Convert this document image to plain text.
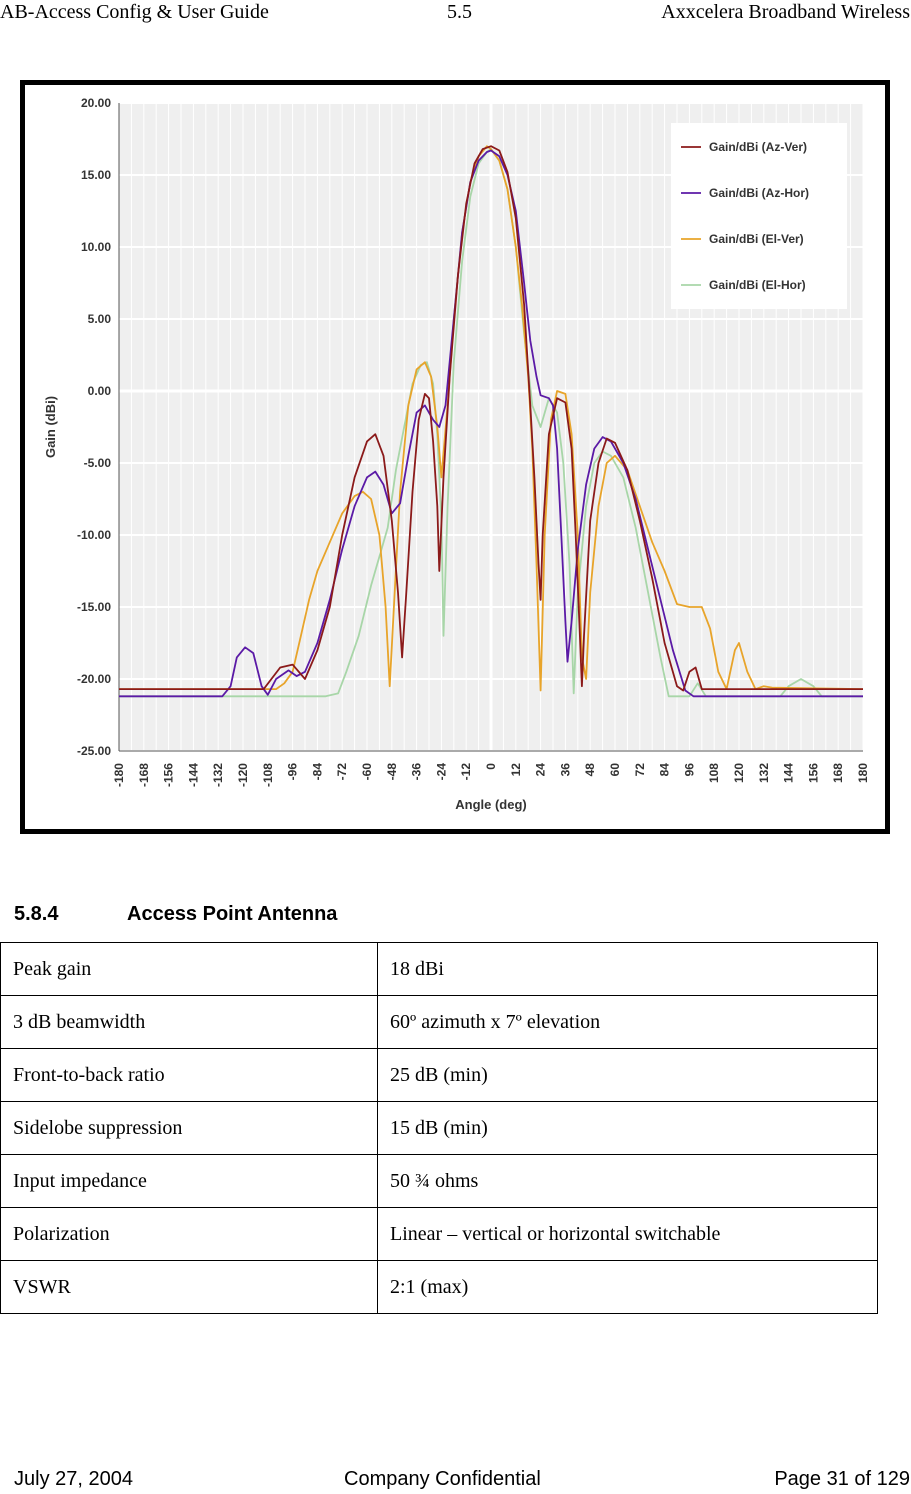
AB-Access Config & User Guide	5.5	Axxcelera Broadband Wireless
20.00
15.00
10.00
5.00
0.00
-5.00
-10.00
-15.00
-20.00
-25.00
-180 -168 -156 -144 -132 -120 -108 -96 -84 -72 -60 -48 -36 -24 -12 0 12 24 36 48 60 72 84 96 108 120 132 144 156 168 180
Angle (deg)
Gain (dBi)
Gain/dBi (Az-Ver)
Gain/dBi (Az-Hor)
Gain/dBi (El-Ver)
Gain/dBi (El-Hor)
5.8.4	Access Point Antenna
Peak gain	18 dBi
3 dB beamwidth	60º azimuth x 7º elevation
Front-to-back ratio	25 dB (min)
Sidelobe suppression	15 dB (min)
Input impedance	50 ¾ ohms
Polarization	Linear – vertical or horizontal switchable
VSWR	2:1 (max)
July 27, 2004	Company Confidential	Page 31 of 129
